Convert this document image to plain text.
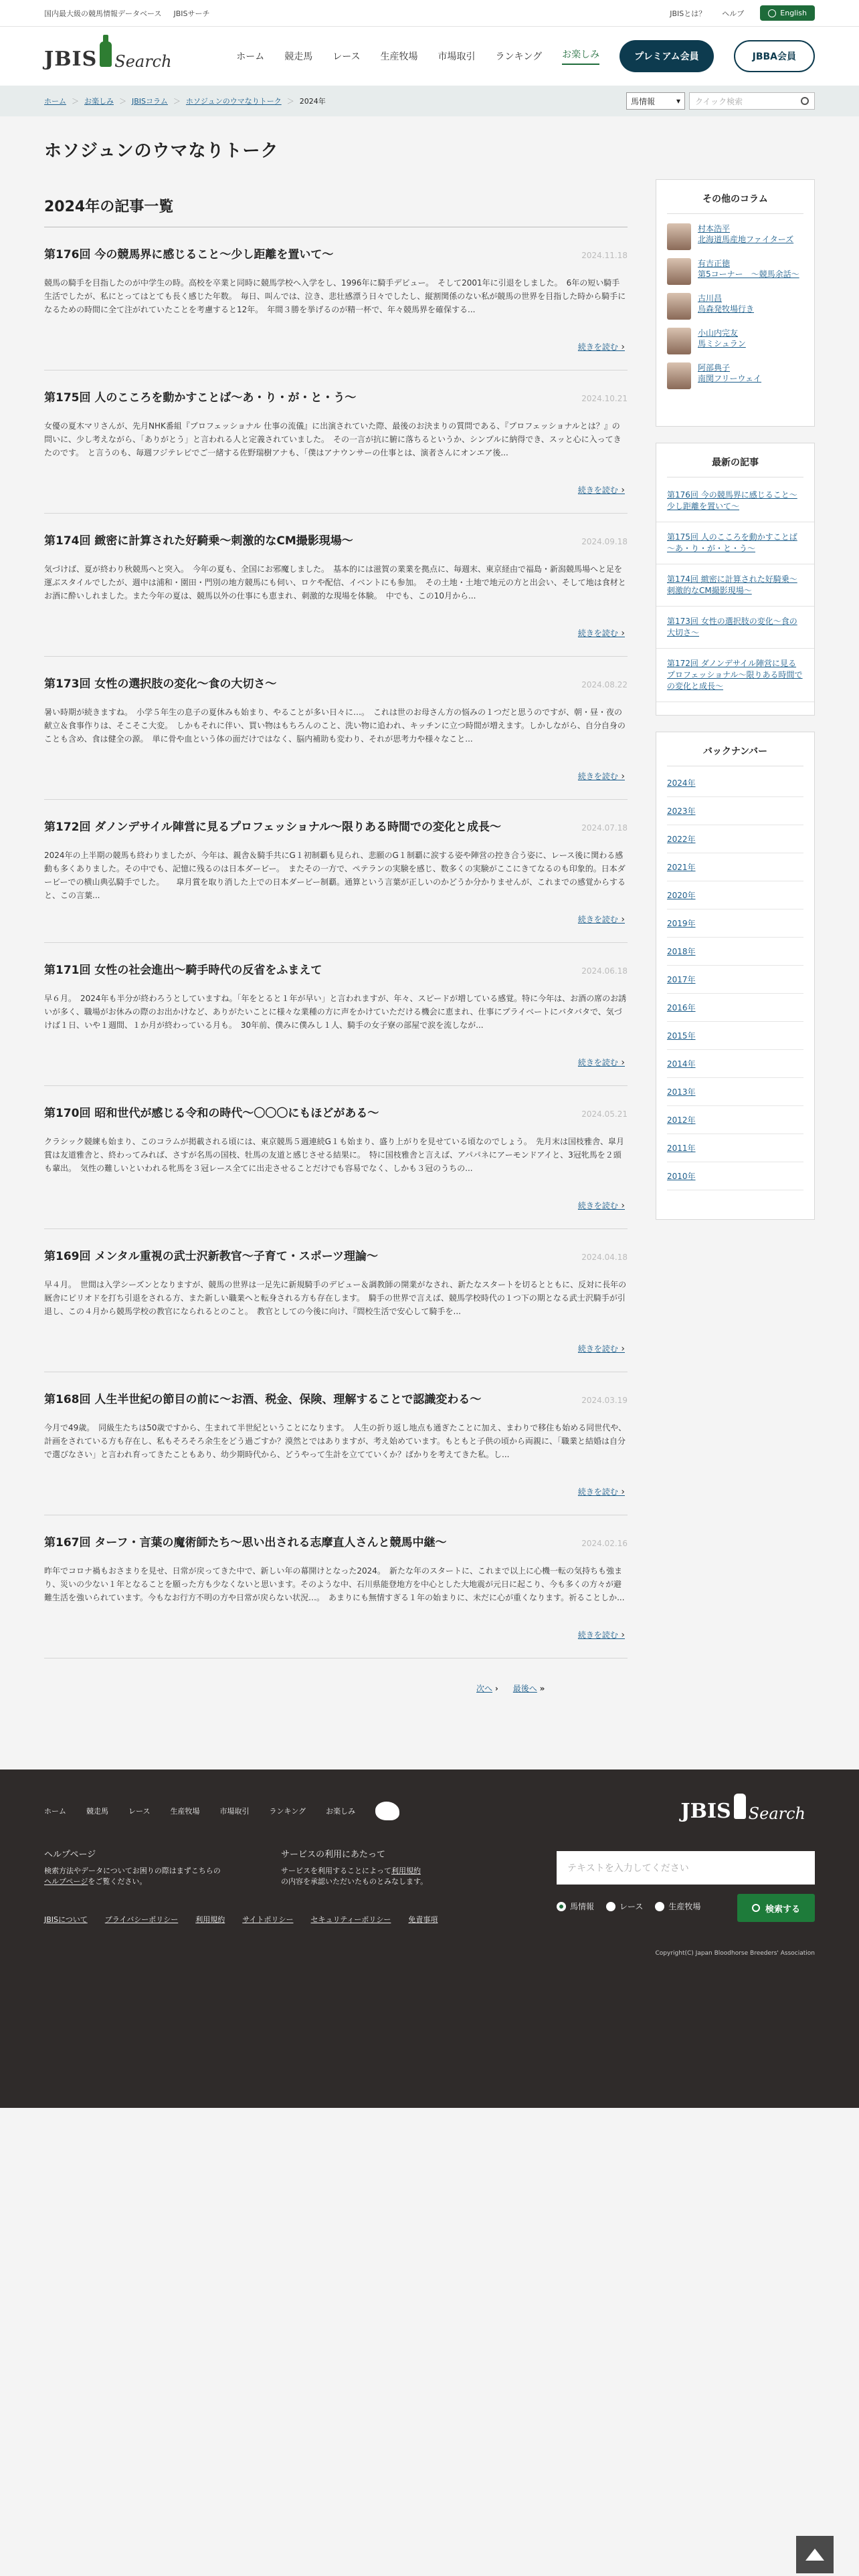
国内最大級の競馬情報データベース JBISサーチ	JBISとは？ ヘルプ	English
JBIS Search	ホーム 競走馬 レース 生産牧場 市場取引 ランキング お楽しみ	プレミアム会員	JBBA会員
ホーム ＞ お楽しみ ＞ JBISコラム ＞ ホソジュンのウマなりトーク ＞ 2024年	馬情報	▾ クイック検索
ホソジュンのウマなりトーク
2024年の記事一覧
第176回 今の競馬界に感じること～少し距離を置いて～	2024.11.18

競馬の騎手を目指したのが中学生の時。高校を卒業と同時に競馬学校へ入学をし、1996年に騎手デビュー。　そして2001年に引退をしました。　6年の短い騎手生活でしたが、私にとってはとても長く感じた年数。　毎日、叫んでは、泣き、悲壮感漂う日々でしたし、縦割関係のない私が競馬の世界を目指した時から騎手になるための時間に全て注がれていたことを考慮すると12年。　年間３勝を挙げるのが精一杯で、年々競馬界を確保する...

続きを読む ›
第175回 人のこころを動かすことば～あ・り・が・と・う～	2024.10.21

女優の夏木マリさんが、先月NHK番組『プロフェッショナル 仕事の流儀』に出演されていた際、最後のお決まりの質問である、『プロフェッショナルとは？』の問いに、少し考えながら、「ありがとう」と言われる人と定義されていました。　その一言が抗に腑に落ちるというか、シンプルに納得でき、スッと心に入ってきたのです。　と言うのも、毎週フジテレビでご一緒する佐野瑞樹アナも、「僕はアナウンサーの仕事とは、演者さんにオンエア後...

続きを読む ›
第174回 緻密に計算された好騎乗～刺激的なCM撮影現場～	2024.09.18

気づけば、夏が終わり秋競馬へと突入。　今年の夏も、全国にお邪魔しました。　基本的には滋賀の業業を拠点に、毎週末、東京経由で福島・新潟競馬場へと足を運ぶスタイルでしたが、週中は浦和・園田・門別の地方競馬にも伺い、ロケや配信、イベントにも参加。　その土地・土地で地元の方と出会い、そして地は食材とお酒に酔いしれました。また今年の夏は、競馬以外の仕事にも恵まれ、刺激的な現場を体験。　中でも、この10月から...

続きを読む ›
第173回 女性の選択肢の変化～食の大切さ～	2024.08.22

暑い時期が続きますね。　小学５年生の息子の夏休みも始まり、やることが多い日々に…。　これは世のお母さん方の悩みの１つだと思うのですが、朝・昼・夜の献立＆食事作りは、そこそこ大変。　しかもそれに伴い、買い物はもちろんのこと、洗い物に追われ、キッチンに立つ時間が増えます。しかしながら、自分自身のことも含め、食は健全の源。　単に骨や血という体の面だけではなく、脳内補助も変わり、それが思考力や様々なこと...

続きを読む ›
第172回 ダノンデサイル陣営に見るプロフェッショナル～限りある時間での変化と成長～	2024.07.18

2024年の上半期の競馬も終わりましたが、今年は、親舎＆騎手共にG１初制覇も見られ、悲願のG１制覇に涙する姿や陣営の控き合う姿に、レース後に関わる感動も多くありました。その中でも、記憶に残るのは日本ダービー。　またその一方で、ペテランの実験を感じ、数多くの実験がここにきてなるのも印象的。日本ダービーでの横山典弘騎手でした。　　皐月賞を取り消した上での日本ダービー制覇。通算という言葉が正しいのかどうか分かりませんが、これまでの感覚からすると、この言葉...

続きを読む ›
第171回 女性の社会進出～騎手時代の反省をふまえて	2024.06.18

早６月。　2024年も半分が終わろうとしていますね。「年をとると１年が早い」と言われますが、年々、スピードが増している感覚。特に今年は、お酒の席のお誘いが多く、職場がお休みの際のお出かけなど、ありがたいことに様々な業種の方に声をかけていただける機会に恵まれ、仕事にプライベートにバタバタで、気づけば１日、いや１週間、１か月が終わっている月も。　30年前、僕みに僕みし１人、騎手の女子寮の部屋で涙を流しなが...

続きを読む ›
第170回 昭和世代が感じる令和の時代～〇〇〇にもほどがある～	2024.05.21

クラシック競練も始まり、このコラムが掲載される頃には、東京競馬５週連続G１も始まり、盛り上がりを見せている頃なのでしょう。　先月末は国枝雅舎、皐月賞は友道雅舎と、終わってみれば、さすが名馬の国枝、牡馬の友道と感じさせる結果に。　特に国枝雅舎と言えば、アパパネにアーモンドアイと、3冠牝馬を２頭も輩出。　気性の難しいといわれる牝馬を３冠レース全てに出走させることだけでも容易でなく、しかも３冠のうちの...

続きを読む ›
第169回 メンタル重視の武士沢新教官～子育て・スポーツ理論～	2024.04.18

早４月。　世間は入学シーズンとなりますが、競馬の世界は一足先に新規騎手のデビュー＆調教師の開業がなされ、新たなスタートを切るとともに、反対に長年の厩舎にピリオドを打ち引退をされる方、また新しい職業へと転身される方も存在します。　騎手の世界で言えば、競馬学校時代の１つ下の期となる武士沢騎手が引退し、この４月から競馬学校の教官になられるとのこと。　教官としての今後に向け、『間校生活で安心して騎手を...

続きを読む ›
第168回 人生半世紀の節目の前に～お酒、税金、保険、理解することで認識変わる～	2024.03.19

今月で49歳。　同級生たちは50歳ですから、生まれて半世紀ということになります。　人生の折り返し地点も通ぎたことに加え、まわりで移住も始める同世代や、計画をされている方も存在し、私もそろそろ余生をどう過ごすか？漠然とではありますが、考え始めています。もともと子供の頃から両親に、「職業と結婚は自分で選びなさい」と言われ育ってきたこともあり、幼少期時代から、どうやって生計を立てていくか？ばかりを考えてきた私。し...

続きを読む ›
第167回 ターフ・言葉の魔術師たち～思い出される志摩直人さんと競馬中継～	2024.02.16

昨年でコロナ禍もおさまりを見せ、日常が戻ってきた中で、新しい年の幕開けとなった2024。　新たな年のスタートに、これまで以上に心機一転の気持ちも強まり、災いの少ない１年となることを願った方も少なくないと思います。そのような中、石川県能登地方を中心とした大地震が元日に起こり、今も多くの方々が避難生活を強いられています。今もなお行方不明の方や日常が戻らない状況…。　あまりにも無情すぎる１年の始まりに、未だに心が重くなります。祈ることしか...

続きを読む ›
次へ › 最後へ »
その他のコラム
村本浩平
北海道馬産地ファイターズ
有吉正徳
第5コーナー　～競馬余話～
古川昌
烏森発牧場行き
小山内完友
馬ミシュラン
阿部典子
南関フリーウェイ
最新の記事
第176回 今の競馬界に感じること～少し距離を置いて～
第175回 人のこころを動かすことば～あ・り・が・と・う～
第174回 緻密に計算された好騎乗～刺激的なCM撮影現場～
第173回 女性の選択肢の変化～食の大切さ～
第172回 ダノンデサイル陣営に見るプロフェッショナル～限りある時間での変化と成長～
バックナンバー
2024年
2023年
2022年
2021年
2020年
2019年
2018年
2017年
2016年
2015年
2014年
2013年
2012年
2011年
2010年
ホーム	競走馬	レース	生産牧場	市場取引	ランキング	お楽しみ	JBIS Search
ヘルプページ

検索方法やデータについてお困りの際はまずこちらの
ヘルプページをご覧ください。

サービスの利用にあたって

サービスを利用することによって利用規約
の内容を承認いただいたものとみなします。

テキストを入力してください
馬情報	レース	生産牧場	検索する
JBISについて プライバシーポリシー 利用規約 サイトポリシー セキュリティーポリシー 免責事項
Copyright(C) Japan Bloodhorse Breeders' Association
